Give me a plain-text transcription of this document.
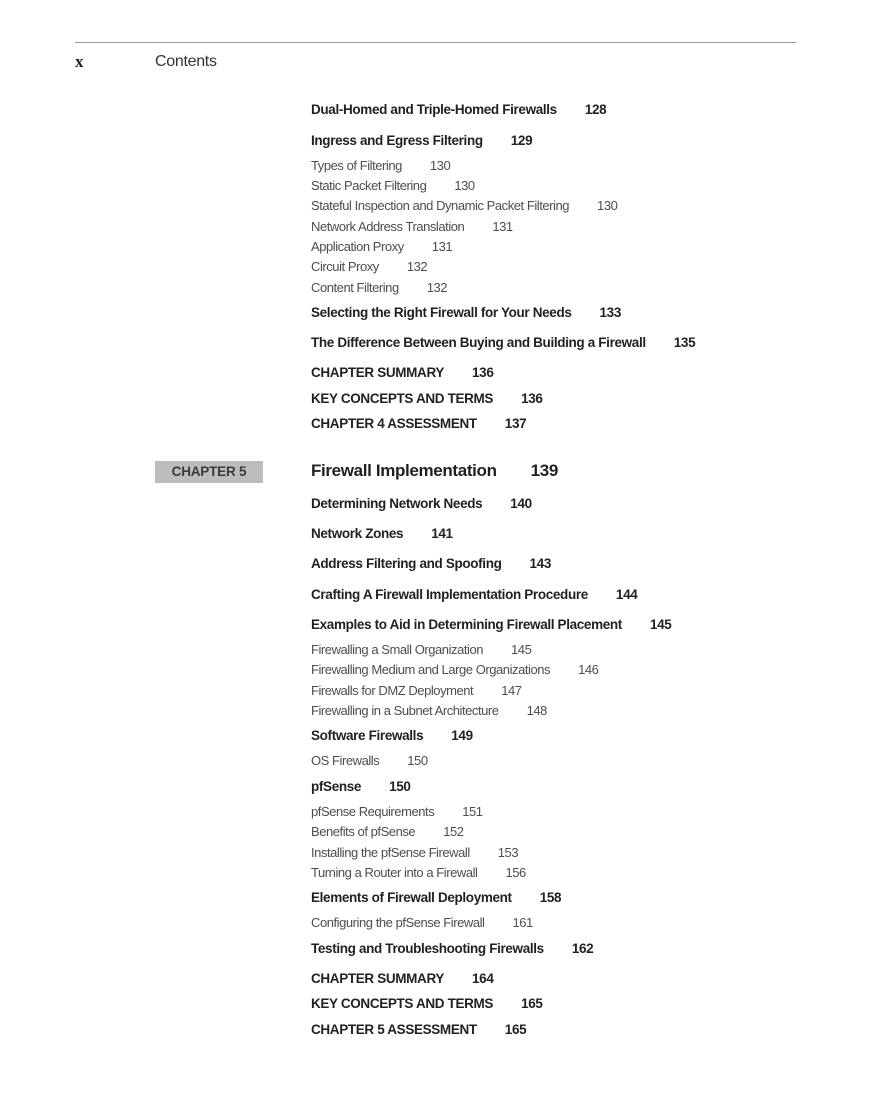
x	Contents
CHAPTER 5
Dual-Homed and Triple-Homed Firewalls 128
Ingress and Egress Filtering 129
Types of Filtering 130
Static Packet Filtering 130
Stateful Inspection and Dynamic Packet Filtering 130
Network Address Translation 131
Application Proxy 131
Circuit Proxy 132
Content Filtering 132
Selecting the Right Firewall for Your Needs 133
The Difference Between Buying and Building a Firewall 135
CHAPTER SUMMARY 136
KEY CONCEPTS AND TERMS 136
CHAPTER 4 ASSESSMENT 137
Firewall Implementation 139
Determining Network Needs 140
Network Zones 141
Address Filtering and Spoofing 143
Crafting A Firewall Implementation Procedure 144
Examples to Aid in Determining Firewall Placement 145
Firewalling a Small Organization 145
Firewalling Medium and Large Organizations 146
Firewalls for DMZ Deployment 147
Firewalling in a Subnet Architecture 148
Software Firewalls 149
OS Firewalls 150
pfSense 150
pfSense Requirements 151
Benefits of pfSense 152
Installing the pfSense Firewall 153
Turning a Router into a Firewall 156
Elements of Firewall Deployment 158
Configuring the pfSense Firewall 161
Testing and Troubleshooting Firewalls 162
CHAPTER SUMMARY 164
KEY CONCEPTS AND TERMS 165
CHAPTER 5 ASSESSMENT 165
